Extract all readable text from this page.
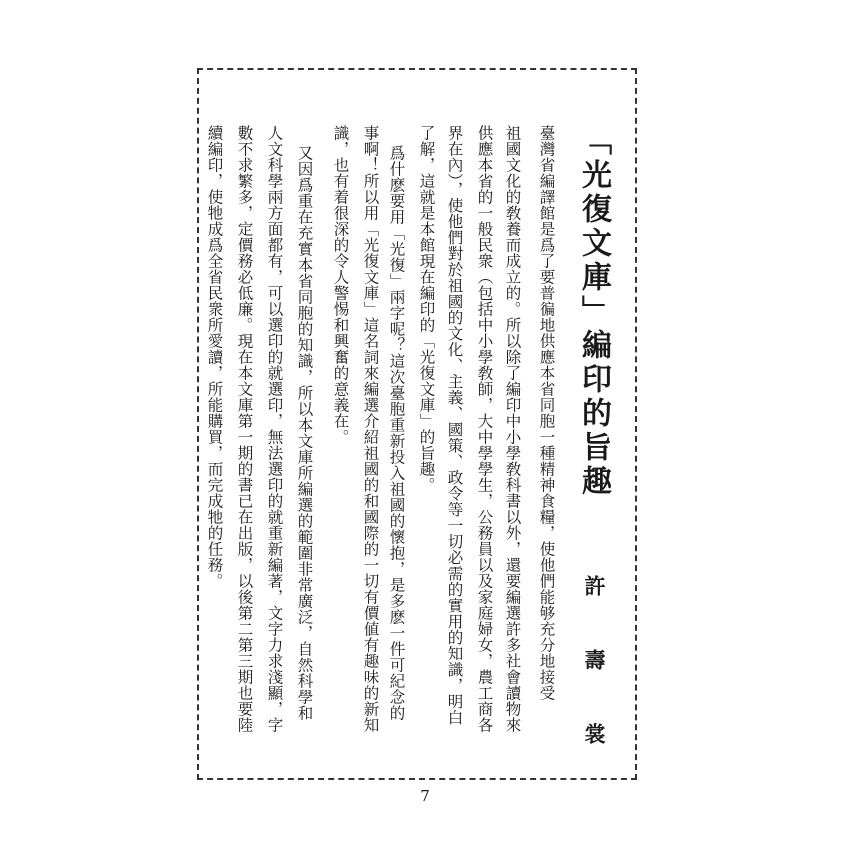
「光復文庫」編印的旨趣
許 壽 裳
臺灣省編譯館是爲了要普徧地供應本省同胞一種精神食糧，使他們能够充分地接受
祖國文化的敎養而成立的。所以除了編印中小學敎科書以外，還要編選許多社會讀物來
供應本省的一般民衆（包括中小學敎師，大中學學生，公務員以及家庭婦女，農工商各
界在內），使他們對於祖國的文化、主義、國策、政令等一切必需的實用的知識，明白
了解，這就是本館現在編印的「光復文庫」的旨趣。
爲什麽要用「光復」兩字呢？這次臺胞重新投入祖國的懷抱，是多麽一件可紀念的
事啊！所以用「光復文庫」這名詞來編選介紹祖國的和國際的一切有價値有趣味的新知
識，也有着很深的令人警惕和興奮的意義在。
又因爲重在充實本省同胞的知識，所以本文庫所編選的範圍非常廣泛，自然科學和
人文科學兩方面都有，可以選印的就選印，無法選印的就重新編著，文字力求淺顯，字
數不求繁多，定價務必低廉。現在本文庫第一期的書已在出版，以後第二第三期也要陸
續編印，使牠成爲全省民衆所愛讀，所能購買，而完成牠的任務。
7
